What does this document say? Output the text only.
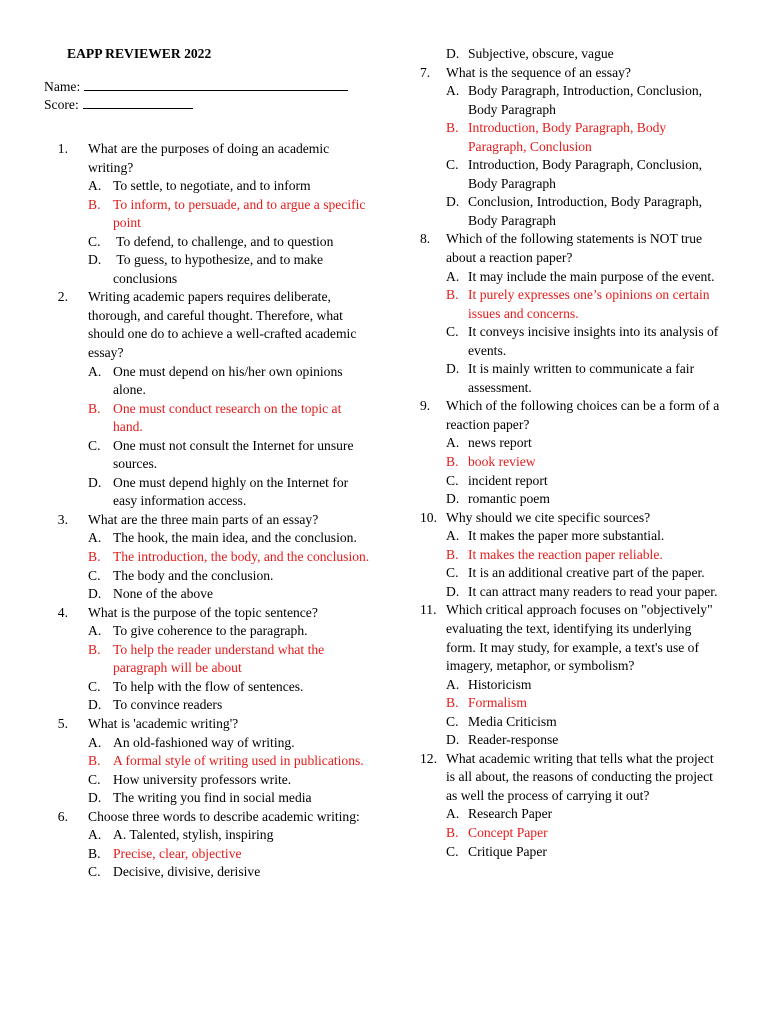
EAPP REVIEWER 2022
Name:
Score:
1. What are the purposes of doing an academic writing?
A. To settle, to negotiate, and to inform
B. To inform, to persuade, and to argue a specific point
C. To defend, to challenge, and to question
D. To guess, to hypothesize, and to make conclusions
2. Writing academic papers requires deliberate, thorough, and careful thought. Therefore, what should one do to achieve a well-crafted academic essay?
A. One must depend on his/her own opinions alone.
B. One must conduct research on the topic at hand.
C. One must not consult the Internet for unsure sources.
D. One must depend highly on the Internet for easy information access.
3. What are the three main parts of an essay?
A. The hook, the main idea, and the conclusion.
B. The introduction, the body, and the conclusion.
C. The body and the conclusion.
D. None of the above
4. What is the purpose of the topic sentence?
A. To give coherence to the paragraph.
B. To help the reader understand what the paragraph will be about
C. To help with the flow of sentences.
D. To convince readers
5. What is 'academic writing'?
A. An old-fashioned way of writing.
B. A formal style of writing used in publications.
C. How university professors write.
D. The writing you find in social media
6. Choose three words to describe academic writing:
A. A. Talented, stylish, inspiring
B. Precise, clear, objective
C. Decisive, divisive, derisive
D. Subjective, obscure, vague
7. What is the sequence of an essay?
A. Body Paragraph, Introduction, Conclusion, Body Paragraph
B. Introduction, Body Paragraph, Body Paragraph, Conclusion
C. Introduction, Body Paragraph, Conclusion, Body Paragraph
D. Conclusion, Introduction, Body Paragraph, Body Paragraph
8. Which of the following statements is NOT true about a reaction paper?
A. It may include the main purpose of the event.
B. It purely expresses one’s opinions on certain issues and concerns.
C. It conveys incisive insights into its analysis of events.
D. It is mainly written to communicate a fair assessment.
9. Which of the following choices can be a form of a reaction paper?
A. news report
B. book review
C. incident report
D. romantic poem
10. Why should we cite specific sources?
A. It makes the paper more substantial.
B. It makes the reaction paper reliable.
C. It is an additional creative part of the paper.
D. It can attract many readers to read your paper.
11. Which critical approach focuses on "objectively" evaluating the text, identifying its underlying form. It may study, for example, a text's use of imagery, metaphor, or symbolism?
A. Historicism
B. Formalism
C. Media Criticism
D. Reader-response
12. What academic writing that tells what the project is all about, the reasons of conducting the project as well the process of carrying it out?
A. Research Paper
B. Concept Paper
C. Critique Paper
